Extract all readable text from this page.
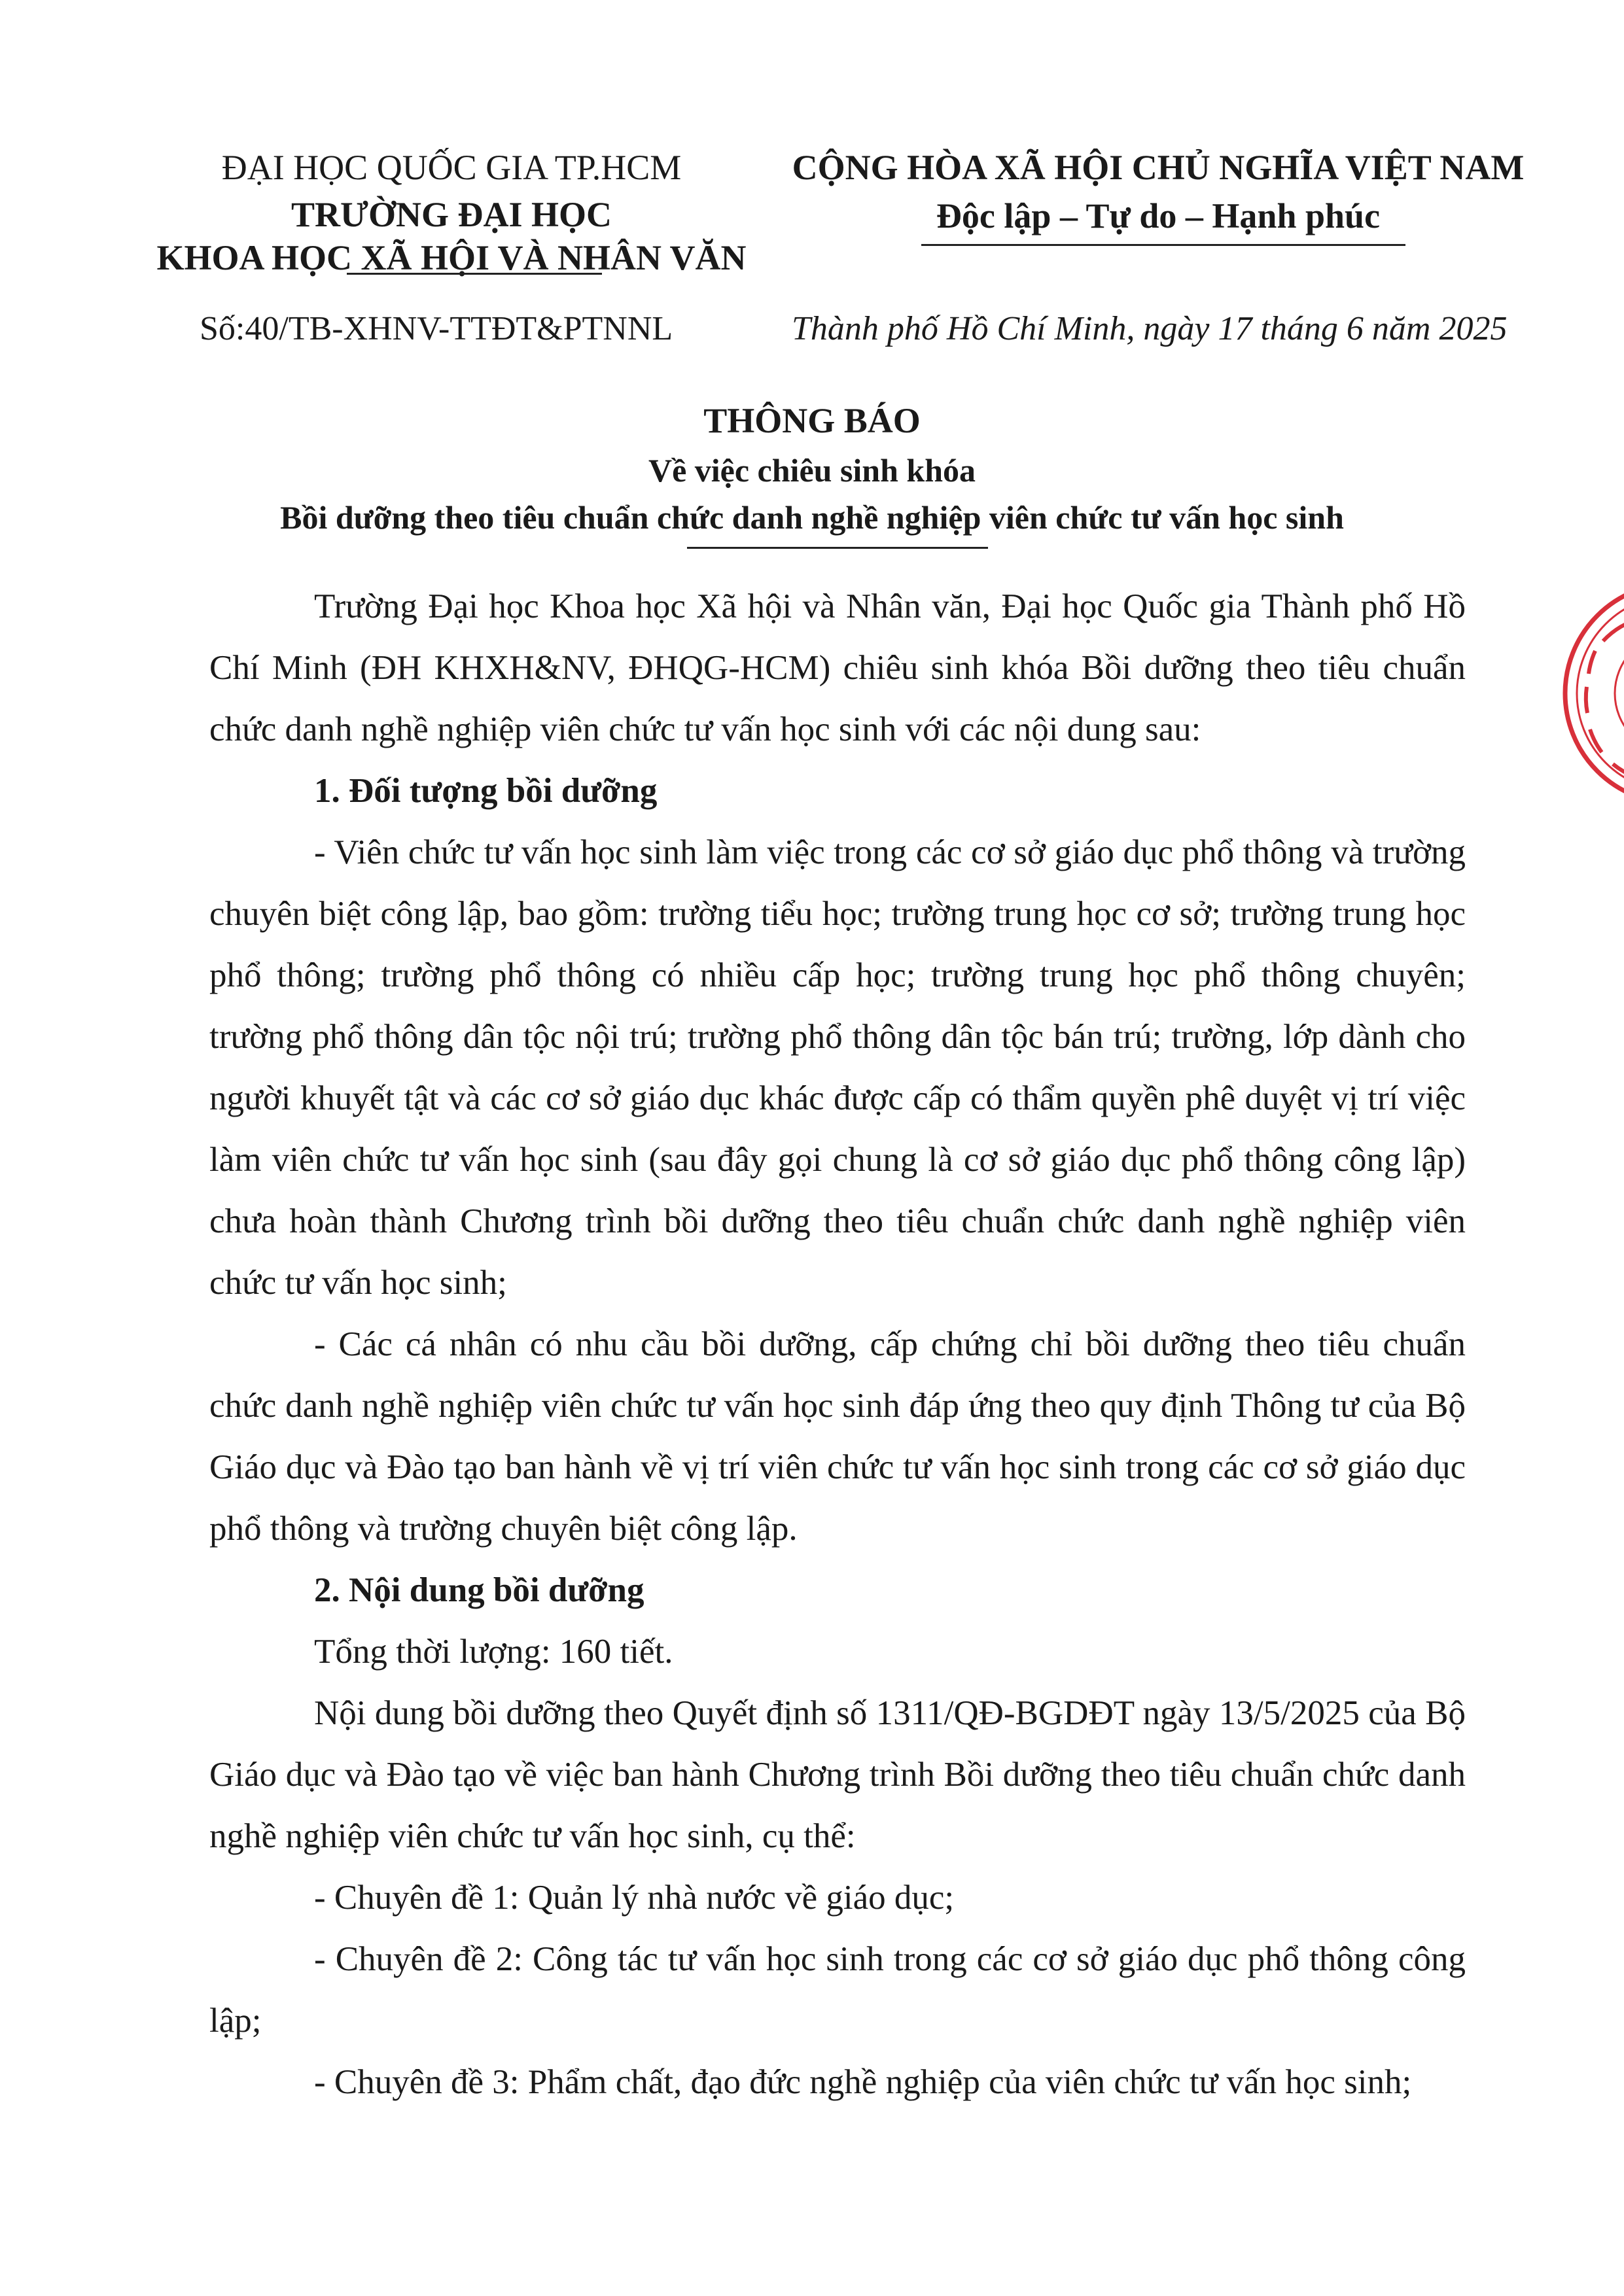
ĐẠI HỌC QUỐC GIA TP.HCM
TRƯỜNG ĐẠI HỌC
KHOA HỌC XÃ HỘI VÀ NHÂN VĂN
CỘNG HÒA XÃ HỘI CHỦ NGHĨA VIỆT NAM
Độc lập – Tự do – Hạnh phúc
Số:40/TB-XHNV-TTĐT&PTNNL	Thành phố Hồ Chí Minh, ngày 17 tháng 6 năm 2025
THÔNG BÁO
Về việc chiêu sinh khóa
Bồi dưỡng theo tiêu chuẩn chức danh nghề nghiệp viên chức tư vấn học sinh
Trường Đại học Khoa học Xã hội và Nhân văn, Đại học Quốc gia Thành phố Hồ Chí Minh (ĐH KHXH&NV, ĐHQG-HCM) chiêu sinh khóa Bồi dưỡng theo tiêu chuẩn chức danh nghề nghiệp viên chức tư vấn học sinh với các nội dung sau:
1. Đối tượng bồi dưỡng
- Viên chức tư vấn học sinh làm việc trong các cơ sở giáo dục phổ thông và trường chuyên biệt công lập, bao gồm: trường tiểu học; trường trung học cơ sở; trường trung học phổ thông; trường phổ thông có nhiều cấp học; trường trung học phổ thông chuyên; trường phổ thông dân tộc nội trú; trường phổ thông dân tộc bán trú; trường, lớp dành cho người khuyết tật và các cơ sở giáo dục khác được cấp có thẩm quyền phê duyệt vị trí việc làm viên chức tư vấn học sinh (sau đây gọi chung là cơ sở giáo dục phổ thông công lập) chưa hoàn thành Chương trình bồi dưỡng theo tiêu chuẩn chức danh nghề nghiệp viên chức tư vấn học sinh;
- Các cá nhân có nhu cầu bồi dưỡng, cấp chứng chỉ bồi dưỡng theo tiêu chuẩn chức danh nghề nghiệp viên chức tư vấn học sinh đáp ứng theo quy định Thông tư của Bộ Giáo dục và Đào tạo ban hành về vị trí viên chức tư vấn học sinh trong các cơ sở giáo dục phổ thông và trường chuyên biệt công lập.
2. Nội dung bồi dưỡng
Tổng thời lượng: 160 tiết.
Nội dung bồi dưỡng theo Quyết định số 1311/QĐ-BGDĐT ngày 13/5/2025 của Bộ Giáo dục và Đào tạo về việc ban hành Chương trình Bồi dưỡng theo tiêu chuẩn chức danh nghề nghiệp viên chức tư vấn học sinh, cụ thể:
- Chuyên đề 1: Quản lý nhà nước về giáo dục;
- Chuyên đề 2: Công tác tư vấn học sinh trong các cơ sở giáo dục phổ thông công lập;
- Chuyên đề 3: Phẩm chất, đạo đức nghề nghiệp của viên chức tư vấn học sinh;
